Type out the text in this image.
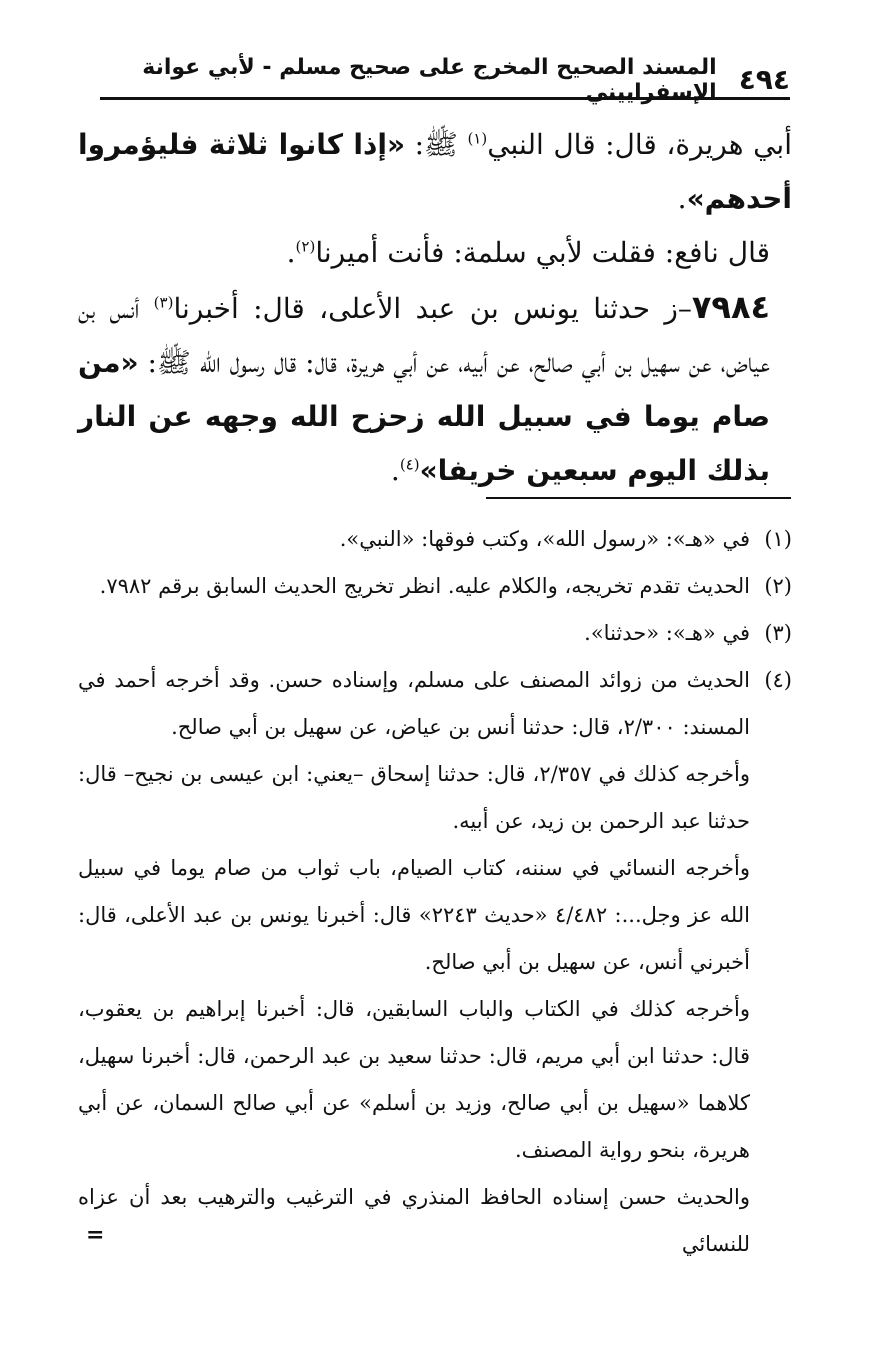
٤٩٤
المسند الصحيح المخرج على صحيح مسلم - لأبي عوانة الإسفراييني

أبي هريرة، قال: قال النبي$^{(١)}$ ﷺ: «إذا كانوا ثلاثة فليؤمروا أحدهم».

قال نافع: فقلت لأبي سلمة: فأنت أميرنا$^{(٢)}$.

٧٩٨٤–ز حدثنا يونس بن عبد الأعلى، قال: أخبرنا$^{(٣)}$ أنس بن عياض، عن سهيل بن أبي صالح، عن أبيه، عن أبي هريرة، قال: قال رسول الله ﷺ: «من صام يوما في سبيل الله زحزح الله وجهه عن النار بذلك اليوم سبعين خريفا»$^{(٤)}$.

(١)

في «هـ»: «رسول الله»، وكتب فوقها: «النبي».

(٢)

الحديث تقدم تخريجه، والكلام عليه. انظر تخريج الحديث السابق برقم ٧٩٨٢.

(٣)

في «هـ»: «حدثنا».

(٤)

الحديث من زوائد المصنف على مسلم، وإسناده حسن. وقد أخرجه أحمد في المسند: ٢/٣٠٠، قال: حدثنا أنس بن عياض، عن سهيل بن أبي صالح.

وأخرجه كذلك في ٢/٣٥٧، قال: حدثنا إسحاق –يعني: ابن عيسى بن نجيح– قال: حدثنا عبد الرحمن بن زيد، عن أبيه.

وأخرجه النسائي في سننه، كتاب الصيام، باب ثواب من صام يوما في سبيل الله عز وجل...: ٤/٤٨٢ «حديث ٢٢٤٣» قال: أخبرنا يونس بن عبد الأعلى، قال: أخبرني أنس، عن سهيل بن أبي صالح.

وأخرجه كذلك في الكتاب والباب السابقين، قال: أخبرنا إبراهيم بن يعقوب، قال: حدثنا ابن أبي مريم، قال: حدثنا سعيد بن عبد الرحمن، قال: أخبرنا سهيل، كلاهما «سهيل بن أبي صالح، وزيد بن أسلم» عن أبي صالح السمان، عن أبي هريرة، بنحو رواية المصنف.

والحديث حسن إسناده الحافظ المنذري في الترغيب والترهيب بعد أن عزاه للنسائي

=
